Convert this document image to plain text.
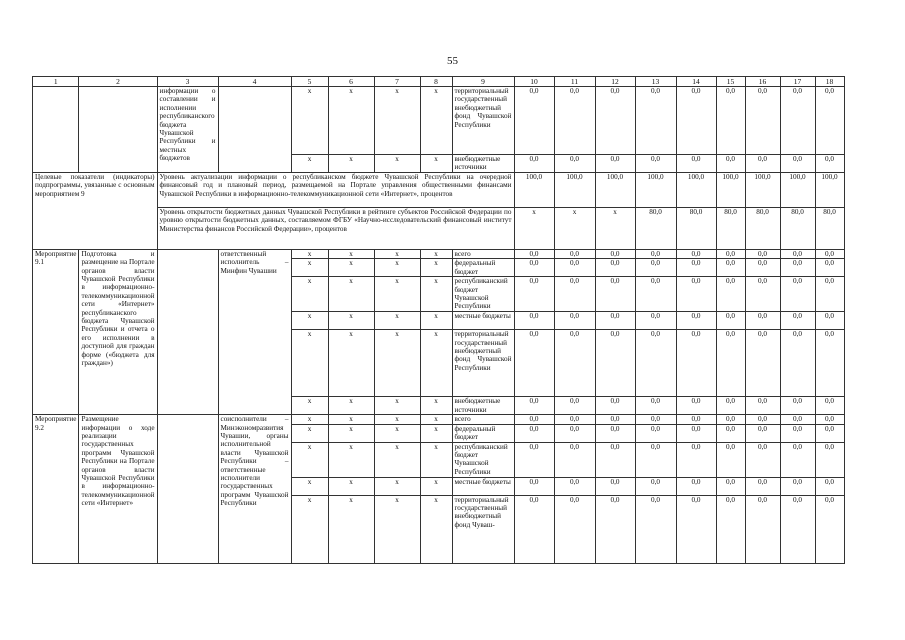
55
1	2	3	4	5	6	7	8	9	10	11	12	13	14	15	16	17	18
		информации о составлении и исполнении республиканского бюджета Чувашской Республики и местных бюджетов		x	x	x	x	территориальный государственный внебюджетный фонд Чувашской Республики	0,0	0,0	0,0	0,0	0,0	0,0	0,0	0,0	0,0
				x	x	x	x	внебюджетные источники	0,0	0,0	0,0	0,0	0,0	0,0	0,0	0,0	0,0
Целевые показатели (индикаторы) подпрограммы, увязанные с основным мероприятием 9		Уровень актуализации информации о республиканском бюджете Чувашской Республики на очередной финансовый год и плановый период, размещаемой на Портале управления общественными финансами Чувашской Республики в информационно-телекоммуникационной сети «Интернет», процентов							100,0	100,0	100,0	100,0	100,0	100,0	100,0	100,0	100,0
		Уровень открытости бюджетных данных Чувашской Республики в рейтинге субъектов Российской Федерации по уровню открытости бюджетных данных, составляемом ФГБУ «Научно-исследовательский финансовый институт Министерства финансов Российской Федерации», процентов							x	x	x	80,0	80,0	80,0	80,0	80,0	80,0
Мероприятие 9.1	Подготовка и размещение на Портале органов власти Чувашской Республики в информационно-телекоммуникационной сети «Интернет» республиканского бюджета Чувашской Республики и отчета о его исполнении в доступной для граждан форме («бюджета для граждан»)		ответственный исполнитель – Минфин Чувашии	x	x	x	x	всего	0,0	0,0	0,0	0,0	0,0	0,0	0,0	0,0	0,0
				x	x	x	x	федеральный бюджет	0,0	0,0	0,0	0,0	0,0	0,0	0,0	0,0	0,0
				x	x	x	x	республиканский бюджет Чувашской Республики	0,0	0,0	0,0	0,0	0,0	0,0	0,0	0,0	0,0
				x	x	x	x	местные бюджеты	0,0	0,0	0,0	0,0	0,0	0,0	0,0	0,0	0,0
				x	x	x	x	территориальный государственный внебюджетный фонд Чувашской Республики	0,0	0,0	0,0	0,0	0,0	0,0	0,0	0,0	0,0
				x	x	x	x	внебюджетные источники	0,0	0,0	0,0	0,0	0,0	0,0	0,0	0,0	0,0
Мероприятие 9.2	Размещение информации о ходе реализации государственных программ Чувашской Республики на Портале органов власти Чувашской Республики в информационно-телекоммуникационной сети «Интернет»		соисполнители – Минэкономразвития Чувашии, органы исполнительной власти Чувашской Республики – ответственные исполнители государственных программ Чувашской Республики	x	x	x	x	всего	0,0	0,0	0,0	0,0	0,0	0,0	0,0	0,0	0,0
				x	x	x	x	федеральный бюджет	0,0	0,0	0,0	0,0	0,0	0,0	0,0	0,0	0,0
				x	x	x	x	республиканский бюджет Чувашской Республики	0,0	0,0	0,0	0,0	0,0	0,0	0,0	0,0	0,0
				x	x	x	x	местные бюджеты	0,0	0,0	0,0	0,0	0,0	0,0	0,0	0,0	0,0
				x	x	x	x	территориальный государственный внебюджетный фонд Чуваш-	0,0	0,0	0,0	0,0	0,0	0,0	0,0	0,0	0,0
